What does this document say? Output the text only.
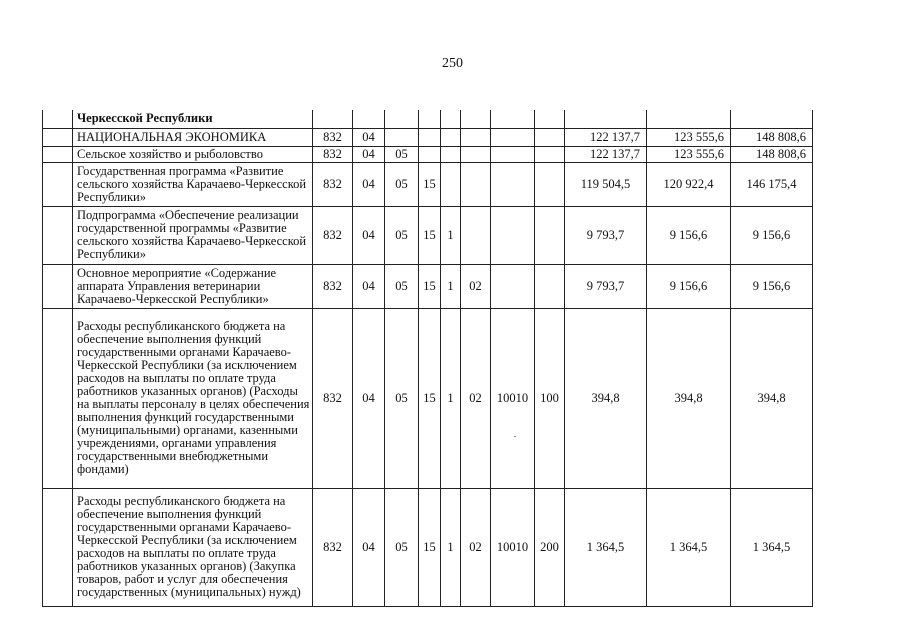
250
	Черкесской Республики											
	НАЦИОНАЛЬНАЯ ЭКОНОМИКА	832	04							122 137,7	123 555,6	148 808,6
	Сельское хозяйство и рыболовство	832	04	05						122 137,7	123 555,6	148 808,6
	Государственная программа «Развитие сельского хозяйства Карачаево-Черкесской Республики»	832	04	05	15					119 504,5	120 922,4	146 175,4
	Подпрограмма «Обеспечение реализации государственной программы «Развитие сельского хозяйства Карачаево-Черкесской Республики»	832	04	05	15	1				9 793,7	9 156,6	9 156,6
	Основное мероприятие «Содержание аппарата Управления ветеринарии Карачаево-Черкесской Республики»	832	04	05	15	1	02			9 793,7	9 156,6	9 156,6
	Расходы республиканского бюджета на обеспечение выполнения функций государственными органами Карачаево-Черкесской Республики (за исключением расходов на выплаты по оплате труда работников указанных органов) (Расходы на выплаты персоналу в целях обеспечения выполнения функций государственными (муниципальными) органами, казенными учреждениями, органами управления государственными внебюджетными фондами)	832	04	05	15	1	02	10010	100	394,8	394,8	394,8
	Расходы республиканского бюджета на обеспечение выполнения функций государственными органами Карачаево-Черкесской Республики (за исключением расходов на выплаты по оплате труда работников указанных органов) (Закупка товаров, работ и услуг для обеспечения государственных (муниципальных) нужд)	832	04	05	15	1	02	10010	200	1 364,5	1 364,5	1 364,5
